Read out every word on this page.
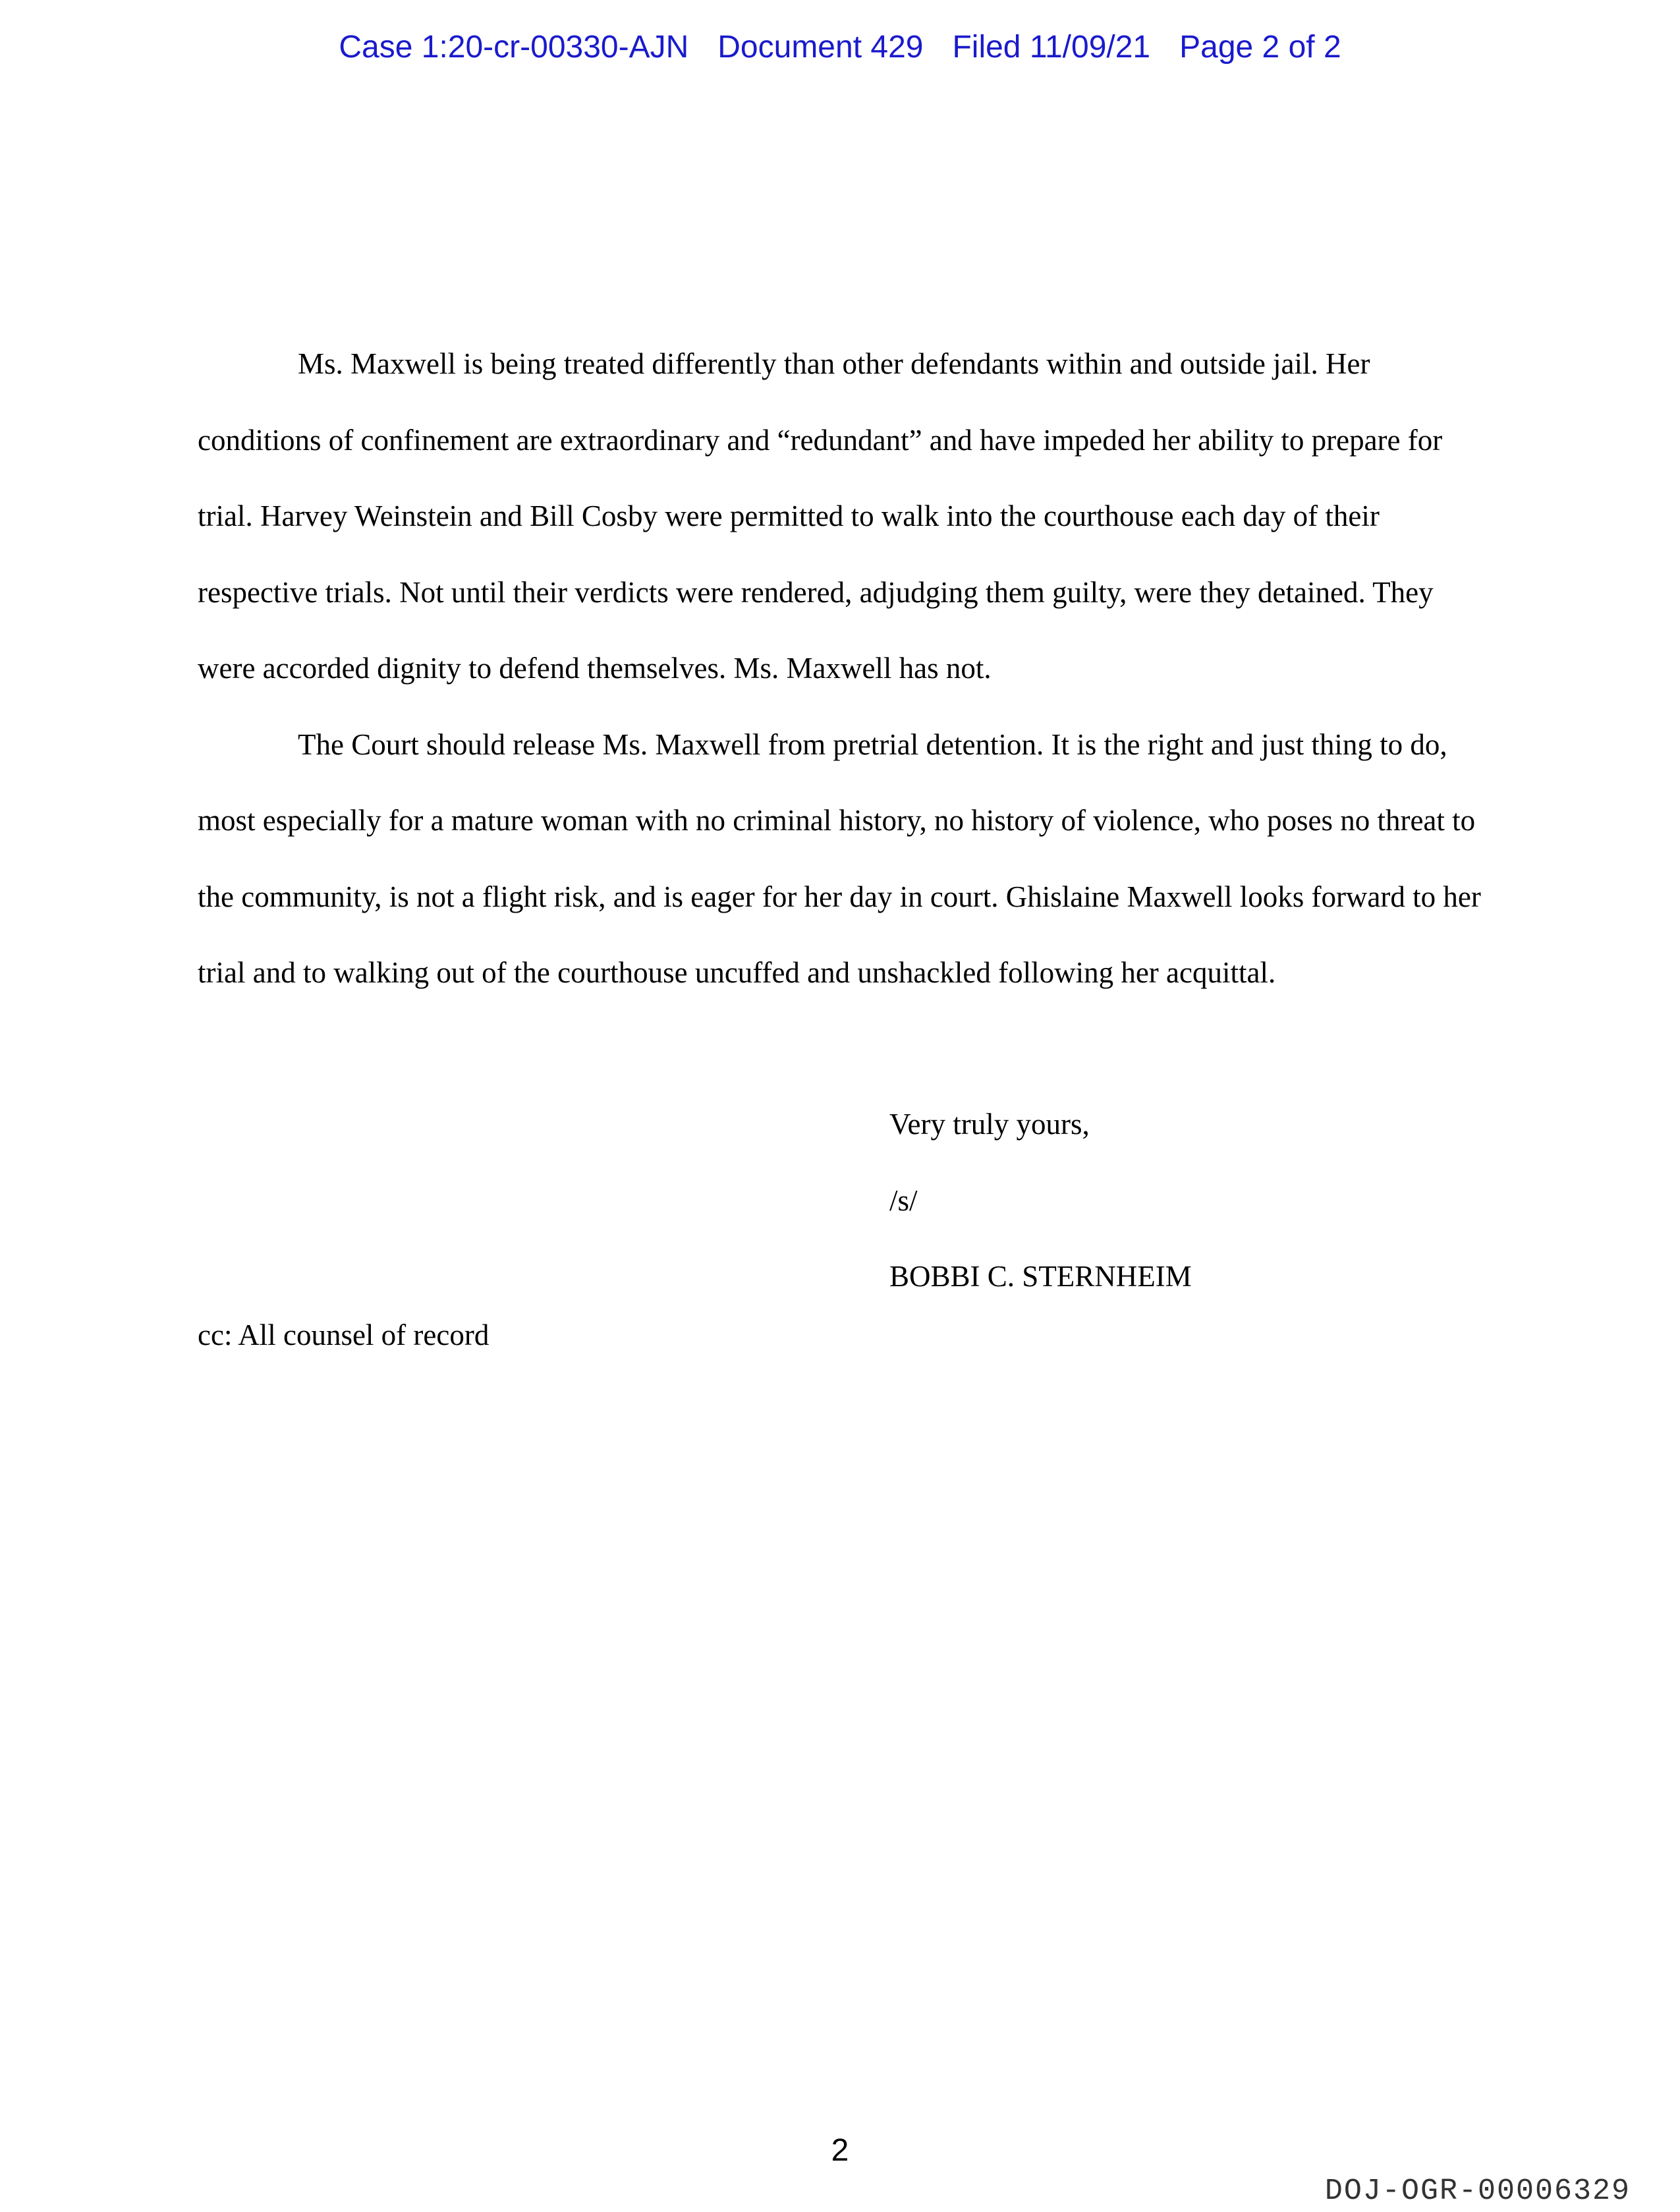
Case 1:20-cr-00330-AJN Document 429 Filed 11/09/21 Page 2 of 2

Ms. Maxwell is being treated differently than other defendants within and outside jail. Her conditions of confinement are extraordinary and “redundant” and have impeded her ability to prepare for trial. Harvey Weinstein and Bill Cosby were permitted to walk into the courthouse each day of their respective trials. Not until their verdicts were rendered, adjudging them guilty, were they detained. They were accorded dignity to defend themselves. Ms. Maxwell has not.

The Court should release Ms. Maxwell from pretrial detention. It is the right and just thing to do, most especially for a mature woman with no criminal history, no history of violence, who poses no threat to the community, is not a flight risk, and is eager for her day in court. Ghislaine Maxwell looks forward to her trial and to walking out of the courthouse uncuffed and unshackled following her acquittal.

Very truly yours,
/s/
BOBBI C. STERNHEIM
cc: All counsel of record
2
DOJ-OGR-00006329
